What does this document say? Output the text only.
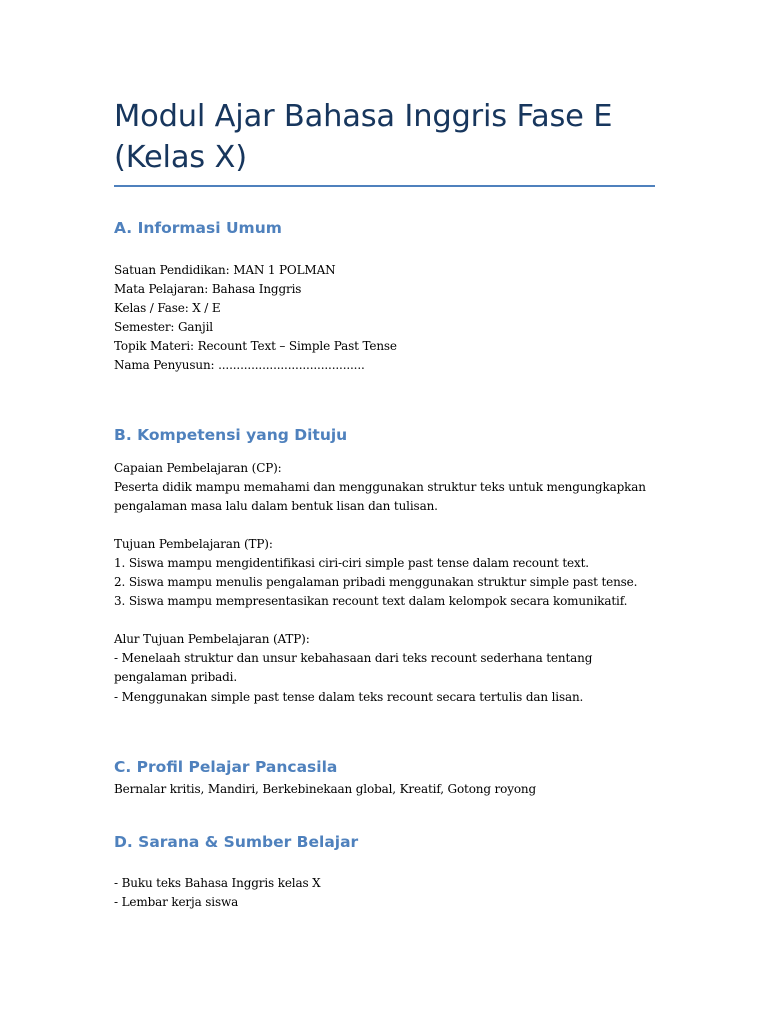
Modul Ajar Bahasa Inggris Fase E (Kelas X)
A. Informasi Umum
Satuan Pendidikan: MAN 1 POLMAN
Mata Pelajaran: Bahasa Inggris
Kelas / Fase: X / E
Semester: Ganjil
Topik Materi: Recount Text – Simple Past Tense
Nama Penyusun: ........................................
B. Kompetensi yang Dituju
Capaian Pembelajaran (CP):
Peserta didik mampu memahami dan menggunakan struktur teks untuk mengungkapkan
pengalaman masa lalu dalam bentuk lisan dan tulisan.
Tujuan Pembelajaran (TP):
1. Siswa mampu mengidentifikasi ciri-ciri simple past tense dalam recount text.
2. Siswa mampu menulis pengalaman pribadi menggunakan struktur simple past tense.
3. Siswa mampu mempresentasikan recount text dalam kelompok secara komunikatif.
Alur Tujuan Pembelajaran (ATP):
- Menelaah struktur dan unsur kebahasaan dari teks recount sederhana tentang
pengalaman pribadi.
- Menggunakan simple past tense dalam teks recount secara tertulis dan lisan.
C. Profil Pelajar Pancasila
Bernalar kritis, Mandiri, Berkebinekaan global, Kreatif, Gotong royong
D. Sarana & Sumber Belajar
- Buku teks Bahasa Inggris kelas X
- Lembar kerja siswa
